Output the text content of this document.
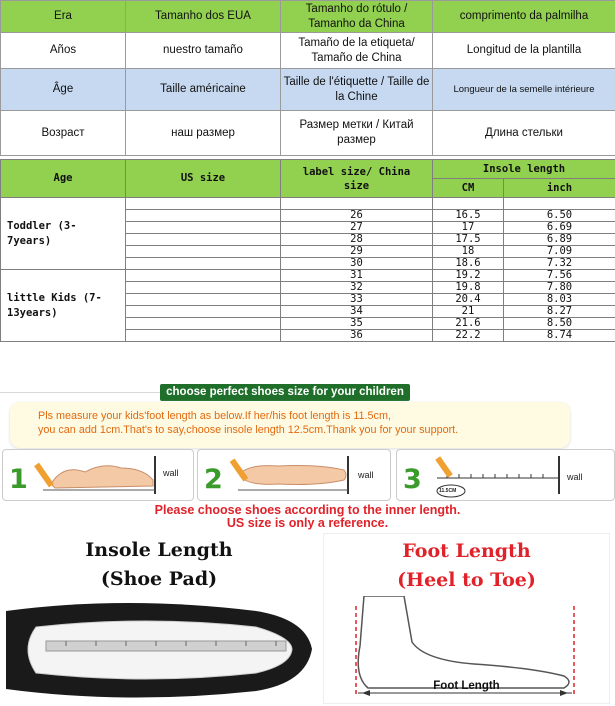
Era	Tamanho dos EUA	Tamanho do rótulo / Tamanho da China	comprimento da palmilha
Años	nuestro tamaño	Tamaño de la etiqueta/ Tamaño de China	Longitud de la plantilla
Âge	Taille américaine	Taille de l'étiquette / Taille de la Chine	Longueur de la semelle intérieure
Возраст	наш размер	Размер метки / Китай размер	Длина стельки
Age	US size	label size/ China size	Insole length	
			CM	inch
Toddler (3-7years)				
		26	16.5	6.50
		27	17	6.69
		28	17.5	6.89
		29	18	7.09
		30	18.6	7.32
little Kids (7-13years)		31	19.2	7.56
		32	19.8	7.80
		33	20.4	8.03
		34	21	8.27
		35	21.6	8.50
		36	22.2	8.74
choose perfect shoes size for your children
Pls measure your kids'foot length as below.If her/his foot length is 11.5cm,
you can add 1cm.That's to say,choose insole length 12.5cm.Thank you for your support.
1	wall 2	wall 3	11.5CM
wall
Please choose shoes according to the inner length.
US size is only a reference.
Insole Length
(Shoe Pad)
Foot Length
(Heel to Toe)
Foot Length
